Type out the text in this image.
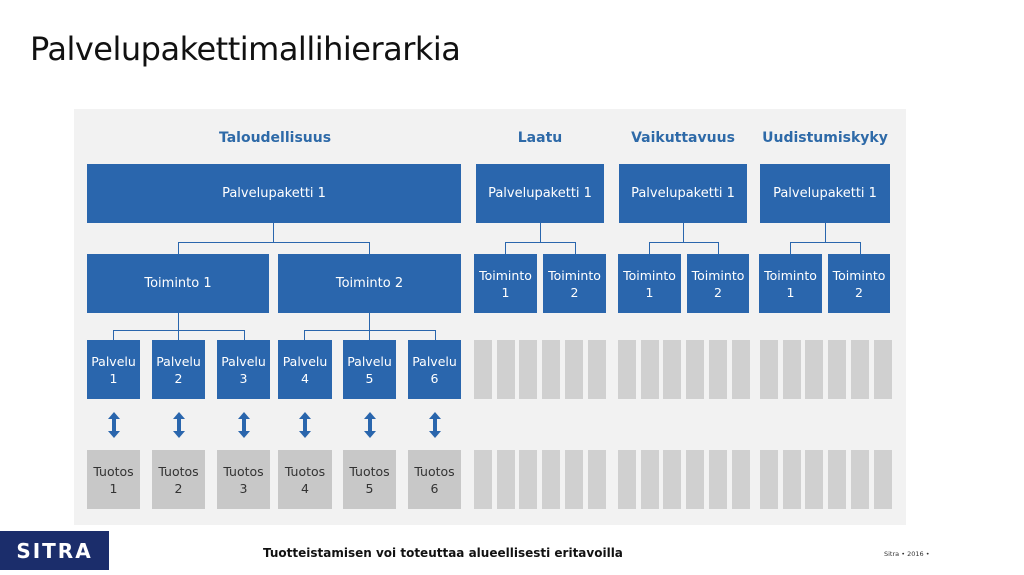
Palvelupakettimallihierarkia
Taloudellisuus	Laatu	Vaikuttavuus	Uudistumiskyky
Palvelupaketti 1	Palvelupaketti 1	Palvelupaketti 1	Palvelupaketti 1
Toiminto 1	Toiminto 2
Toiminto
1
Toiminto
2
Toiminto
1
Toiminto
2
Toiminto
1
Toiminto
2
Palvelu
1
Palvelu
2
Palvelu
3
Palvelu
4
Palvelu
5
Palvelu
6
Tuotos
1
Tuotos
2
Tuotos
3
Tuotos
4
Tuotos
5
Tuotos
6
SITRA	Tuotteistamisen voi toteuttaa alueellisesti eritavoilla	Sitra • 2016 •
